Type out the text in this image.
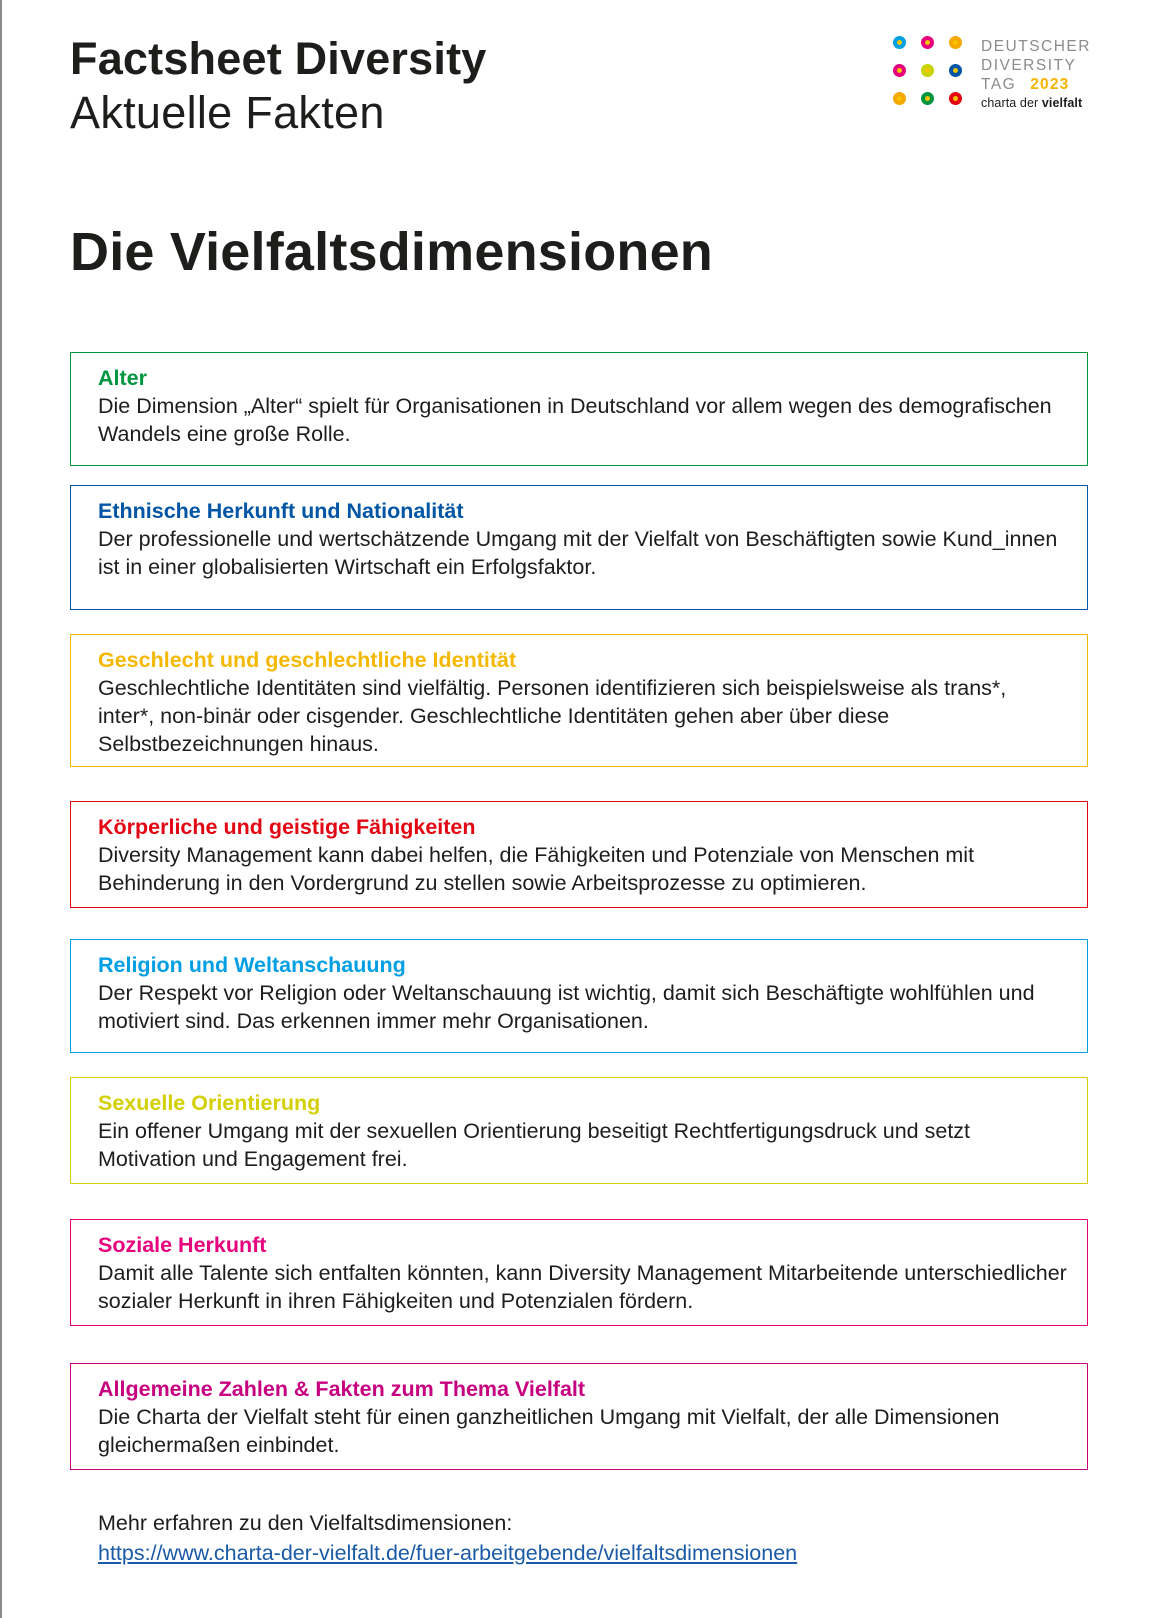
Factsheet Diversity
Aktuelle Fakten
DEUTSCHER
DIVERSITY
TAG 2023
charta der vielfalt
Die Vielfaltsdimensionen
Alter
Die Dimension „Alter“ spielt für Organisationen in Deutschland vor allem wegen des demografischen Wandels eine große Rolle.
Ethnische Herkunft und Nationalität
Der professionelle und wertschätzende Umgang mit der Vielfalt von Beschäftigten sowie Kund_innen ist in einer globalisierten Wirtschaft ein Erfolgsfaktor.
Geschlecht und geschlechtliche Identität
Geschlechtliche Identitäten sind vielfältig. Personen identifizieren sich beispielsweise als trans*, inter*, non-binär oder cisgender. Geschlechtliche Identitäten gehen aber über diese Selbstbezeichnungen hinaus.
Körperliche und geistige Fähigkeiten
Diversity Management kann dabei helfen, die Fähigkeiten und Potenziale von Menschen mit Behinderung in den Vordergrund zu stellen sowie Arbeitsprozesse zu optimieren.
Religion und Weltanschauung
Der Respekt vor Religion oder Weltanschauung ist wichtig, damit sich Beschäftigte wohlfühlen und motiviert sind. Das erkennen immer mehr Organisationen.
Sexuelle Orientierung
Ein offener Umgang mit der sexuellen Orientierung beseitigt Rechtfertigungsdruck und setzt Motivation und Engagement frei.
Soziale Herkunft
Damit alle Talente sich entfalten könnten, kann Diversity Management Mitarbeitende unterschiedlicher sozialer Herkunft in ihren Fähigkeiten und Potenzialen fördern.
Allgemeine Zahlen & Fakten zum Thema Vielfalt
Die Charta der Vielfalt steht für einen ganzheitlichen Umgang mit Vielfalt, der alle Dimensionen gleichermaßen einbindet.
Mehr erfahren zu den Vielfaltsdimensionen:
https://www.charta-der-vielfalt.de/fuer-arbeitgebende/vielfaltsdimensionen
